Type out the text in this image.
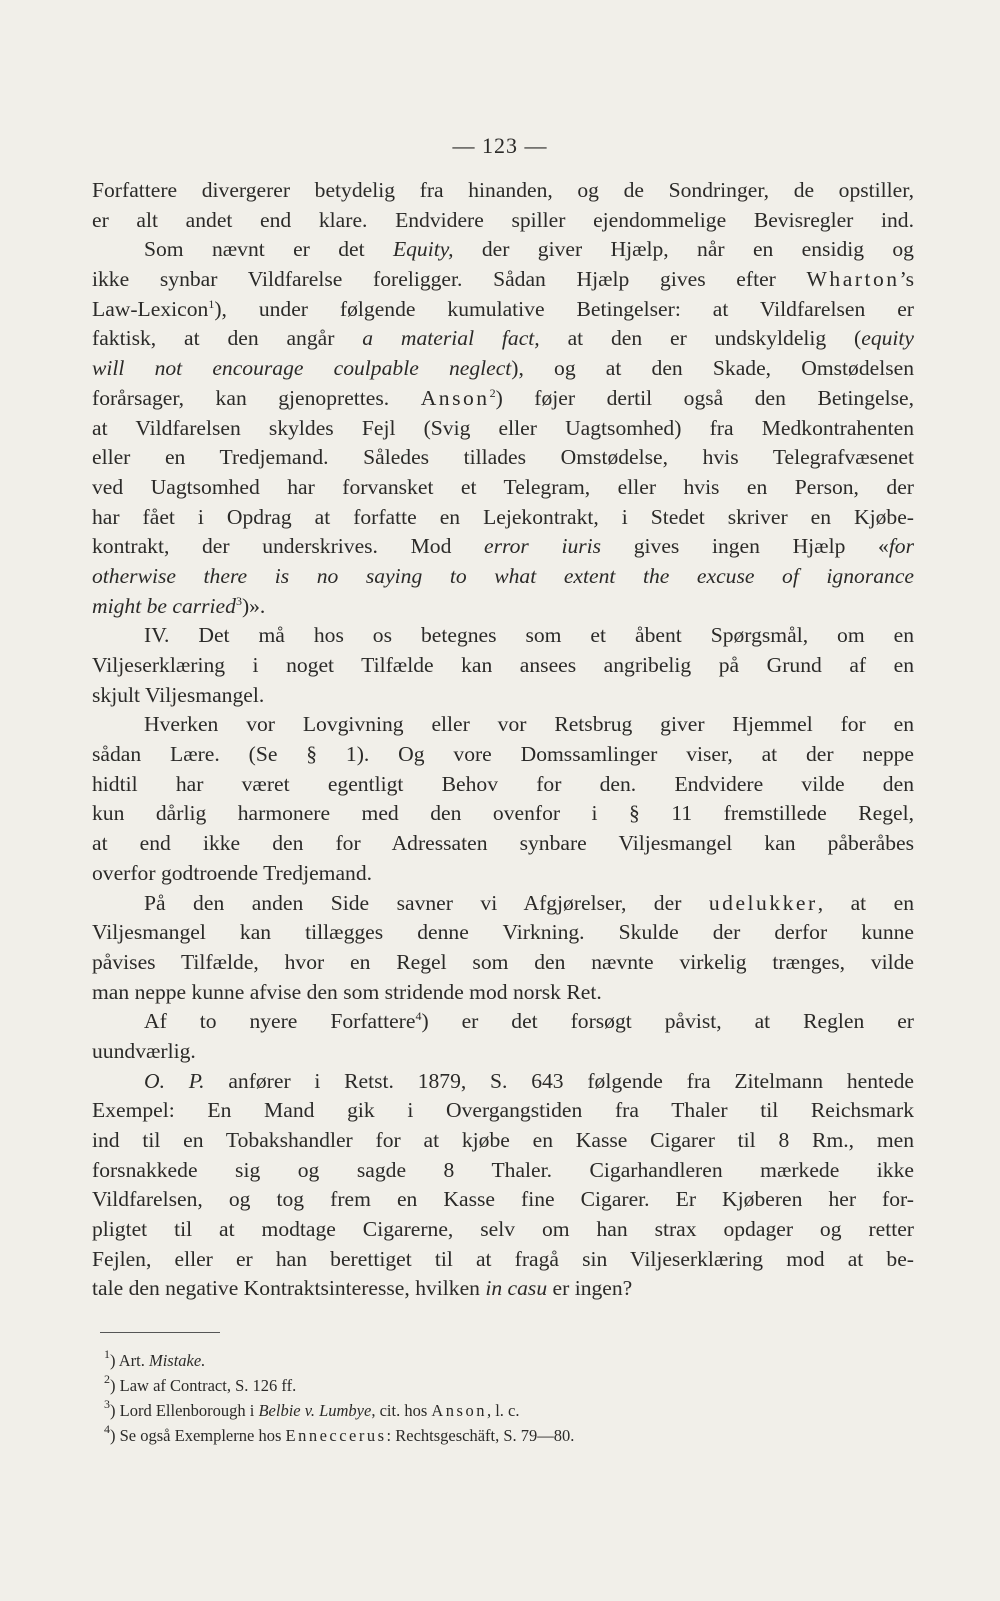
— 123 —
Forfattere divergerer betydelig fra hinanden, og de Sondringer, de opstiller,
er alt andet end klare. Endvidere spiller ejendommelige Bevisregler ind.
Som nævnt er det Equity, der giver Hjælp, når en ensidig og
ikke synbar Vildfarelse foreligger. Sådan Hjælp gives efter Wharton’s
Law-Lexicon$^1$), under følgende kumulative Betingelser: at Vildfarelsen er
faktisk, at den angår a material fact, at den er undskyldelig (equity
will not encourage coulpable neglect), og at den Skade, Omstødelsen
forårsager, kan gjenoprettes. Anson$^2$) føjer dertil også den Betingelse,
at Vildfarelsen skyldes Fejl (Svig eller Uagtsomhed) fra Medkontrahenten
eller en Tredjemand. Således tillades Omstødelse, hvis Telegrafvæsenet
ved Uagtsomhed har forvansket et Telegram, eller hvis en Person, der
har fået i Opdrag at forfatte en Lejekontrakt, i Stedet skriver en Kjøbe-
kontrakt, der underskrives. Mod error iuris gives ingen Hjælp «for
otherwise there is no saying to what extent the excuse of ignorance
might be carried$^3$)».
IV. Det må hos os betegnes som et åbent Spørgsmål, om en
Viljeserklæring i noget Tilfælde kan ansees angribelig på Grund af en
skjult Viljesmangel.
Hverken vor Lovgivning eller vor Retsbrug giver Hjemmel for en
sådan Lære. (Se § 1). Og vore Domssamlinger viser, at der neppe
hidtil har været egentligt Behov for den. Endvidere vilde den
kun dårlig harmonere med den ovenfor i § 11 fremstillede Regel,
at end ikke den for Adressaten synbare Viljesmangel kan påberåbes
overfor godtroende Tredjemand.
På den anden Side savner vi Afgjørelser, der udelukker, at en
Viljesmangel kan tillægges denne Virkning. Skulde der derfor kunne
påvises Tilfælde, hvor en Regel som den nævnte virkelig trænges, vilde
man neppe kunne afvise den som stridende mod norsk Ret.
Af to nyere Forfattere$^4$) er det forsøgt påvist, at Reglen er
uundværlig.
O. P. anfører i Retst. 1879, S. 643 følgende fra Zitelmann hentede
Exempel: En Mand gik i Overgangstiden fra Thaler til Reichsmark
ind til en Tobakshandler for at kjøbe en Kasse Cigarer til 8 Rm., men
forsnakkede sig og sagde 8 Thaler. Cigarhandleren mærkede ikke
Vildfarelsen, og tog frem en Kasse fine Cigarer. Er Kjøberen her for-
pligtet til at modtage Cigarerne, selv om han strax opdager og retter
Fejlen, eller er han berettiget til at fragå sin Viljeserklæring mod at be-
tale den negative Kontraktsinteresse, hvilken in casu er ingen?
$^1$) Art. Mistake.
$^2$) Law af Contract, S. 126 ff.
$^3$) Lord Ellenborough i Belbie v. Lumbye, cit. hos Anson, l. c.
$^4$) Se også Exemplerne hos Enneccerus: Rechtsgeschäft, S. 79—80.
